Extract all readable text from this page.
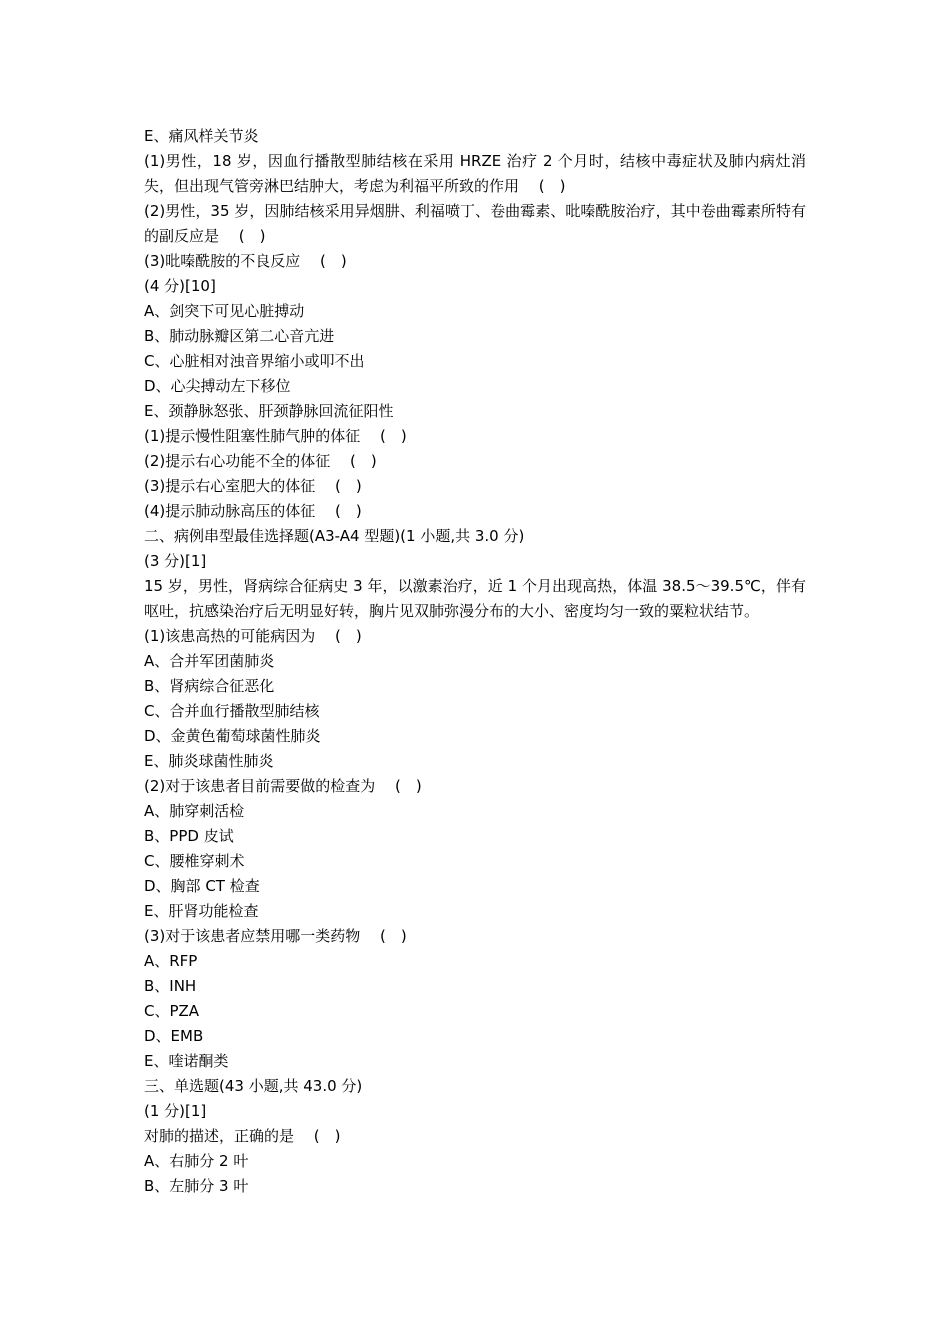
E、痛风样关节炎

(1)男性，18 岁，因血行播散型肺结核在采用 HRZE 治疗 2 个月时，结核中毒症状及肺内病灶消失，但出现气管旁淋巴结肿大，考虑为利福平所致的作用　 (　)

(2)男性，35 岁，因肺结核采用异烟肼、利福喷丁、卷曲霉素、吡嗪酰胺治疗，其中卷曲霉素所特有的副反应是　 (　)

(3)吡嗪酰胺的不良反应　 (　)

(4 分)[10]

A、剑突下可见心脏搏动

B、肺动脉瓣区第二心音亢进

C、心脏相对浊音界缩小或叩不出

D、心尖搏动左下移位

E、颈静脉怒张、肝颈静脉回流征阳性

(1)提示慢性阻塞性肺气肿的体征　 (　)

(2)提示右心功能不全的体征　 (　)

(3)提示右心室肥大的体征　 (　)

(4)提示肺动脉高压的体征　 (　)

二、病例串型最佳选择题(A3-A4 型题)(1 小题,共 3.0 分)

(3 分)[1]

15 岁，男性，肾病综合征病史 3 年，以激素治疗，近 1 个月出现高热，体温 38.5～39.5℃，伴有呕吐，抗感染治疗后无明显好转，胸片见双肺弥漫分布的大小、密度均匀一致的粟粒状结节。

(1)该患高热的可能病因为　 (　)

A、合并军团菌肺炎

B、肾病综合征恶化

C、合并血行播散型肺结核

D、金黄色葡萄球菌性肺炎

E、肺炎球菌性肺炎

(2)对于该患者目前需要做的检查为　 (　)

A、肺穿刺活检

B、PPD 皮试

C、腰椎穿刺术

D、胸部 CT 检查

E、肝肾功能检查

(3)对于该患者应禁用哪一类药物　 (　)

A、RFP

B、INH

C、PZA

D、EMB

E、喹诺酮类

三、单选题(43 小题,共 43.0 分)

(1 分)[1]

对肺的描述，正确的是　 (　)

A、右肺分 2 叶

B、左肺分 3 叶
